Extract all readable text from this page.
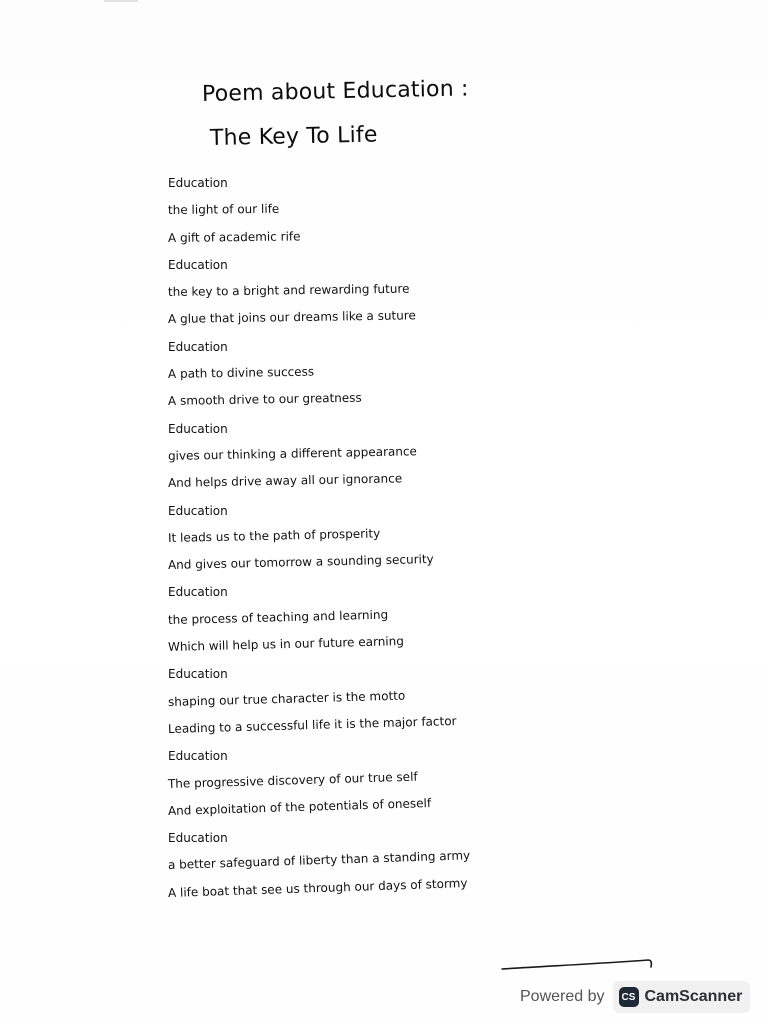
Poem about Education :
The Key To Life
Education
the light of our life
A gift of academic rife
Education
the key to a bright and rewarding future
A glue that joins our dreams like a suture
Education
A path to divine success
A smooth drive to our greatness
Education
gives our thinking a different appearance
And helps drive away all our ignorance
Education
It leads us to the path of prosperity
And gives our tomorrow a sounding security
Education
the process of teaching and learning
Which will help us in our future earning
Education
shaping our true character is the motto
Leading to a successful life it is the major factor
Education
The progressive discovery of our true self
And exploitation of the potentials of oneself
Education
a better safeguard of liberty than a standing army
A life boat that see us through our days of stormy
Powered by	CS CamScanner
